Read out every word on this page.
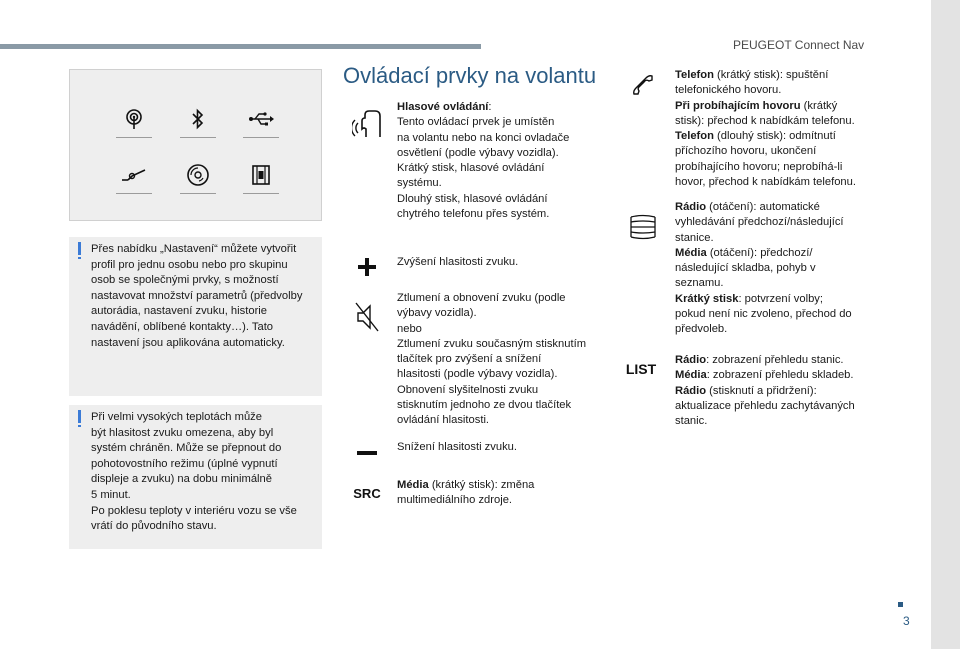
PEUGEOT Connect Nav
3

Přes nabídku „Nastavení“ můžete vytvořit
profil pro jednu osobu nebo pro skupinu
osob se společnými prvky, s možností
nastavovat množství parametrů (předvolby
autorádia, nastavení zvuku, historie
navádění, oblíbené kontakty…). Tato
nastavení jsou aplikována automaticky.

Při velmi vysokých teplotách může
být hlasitost zvuku omezena, aby byl
systém chráněn. Může se přepnout do
pohotovostního režimu (úplné vypnutí
displeje a zvuku) na dobu minimálně
5 minut.
Po poklesu teploty v interiéru vozu se vše
vrátí do původního stavu.

Ovládací prvky na volantu

Hlasové ovládání:
Tento ovládací prvek je umístěn
na volantu nebo na konci ovladače
osvětlení (podle výbavy vozidla).
Krátký stisk, hlasové ovládání
systému.
Dlouhý stisk, hlasové ovládání
chytrého telefonu přes systém.

Zvýšení hlasitosti zvuku.

Ztlumení a obnovení zvuku (podle
výbavy vozidla).
nebo
Ztlumení zvuku současným stisknutím
tlačítek pro zvýšení a snížení
hlasitosti (podle výbavy vozidla).
Obnovení slyšitelnosti zvuku
stisknutím jednoho ze dvou tlačítek
ovládání hlasitosti.

Snížení hlasitosti zvuku.

SRC

Média (krátký stisk): změna
multimediálního zdroje.

Telefon (krátký stisk): spuštění
telefonického hovoru.
Při probíhajícím hovoru (krátký
stisk): přechod k nabídkám telefonu.
Telefon (dlouhý stisk): odmítnutí
příchozího hovoru, ukončení
probíhajícího hovoru; neprobíhá-li
hovor, přechod k nabídkám telefonu.

Rádio (otáčení): automatické
vyhledávání předchozí/následující
stanice.
Média (otáčení): předchozí/
následující skladba, pohyb v
seznamu.
Krátký stisk: potvrzení volby;
pokud není nic zvoleno, přechod do
předvoleb.

LIST

Rádio: zobrazení přehledu stanic.
Média: zobrazení přehledu skladeb.
Rádio (stisknutí a přidržení):
aktualizace přehledu zachytávaných
stanic.
